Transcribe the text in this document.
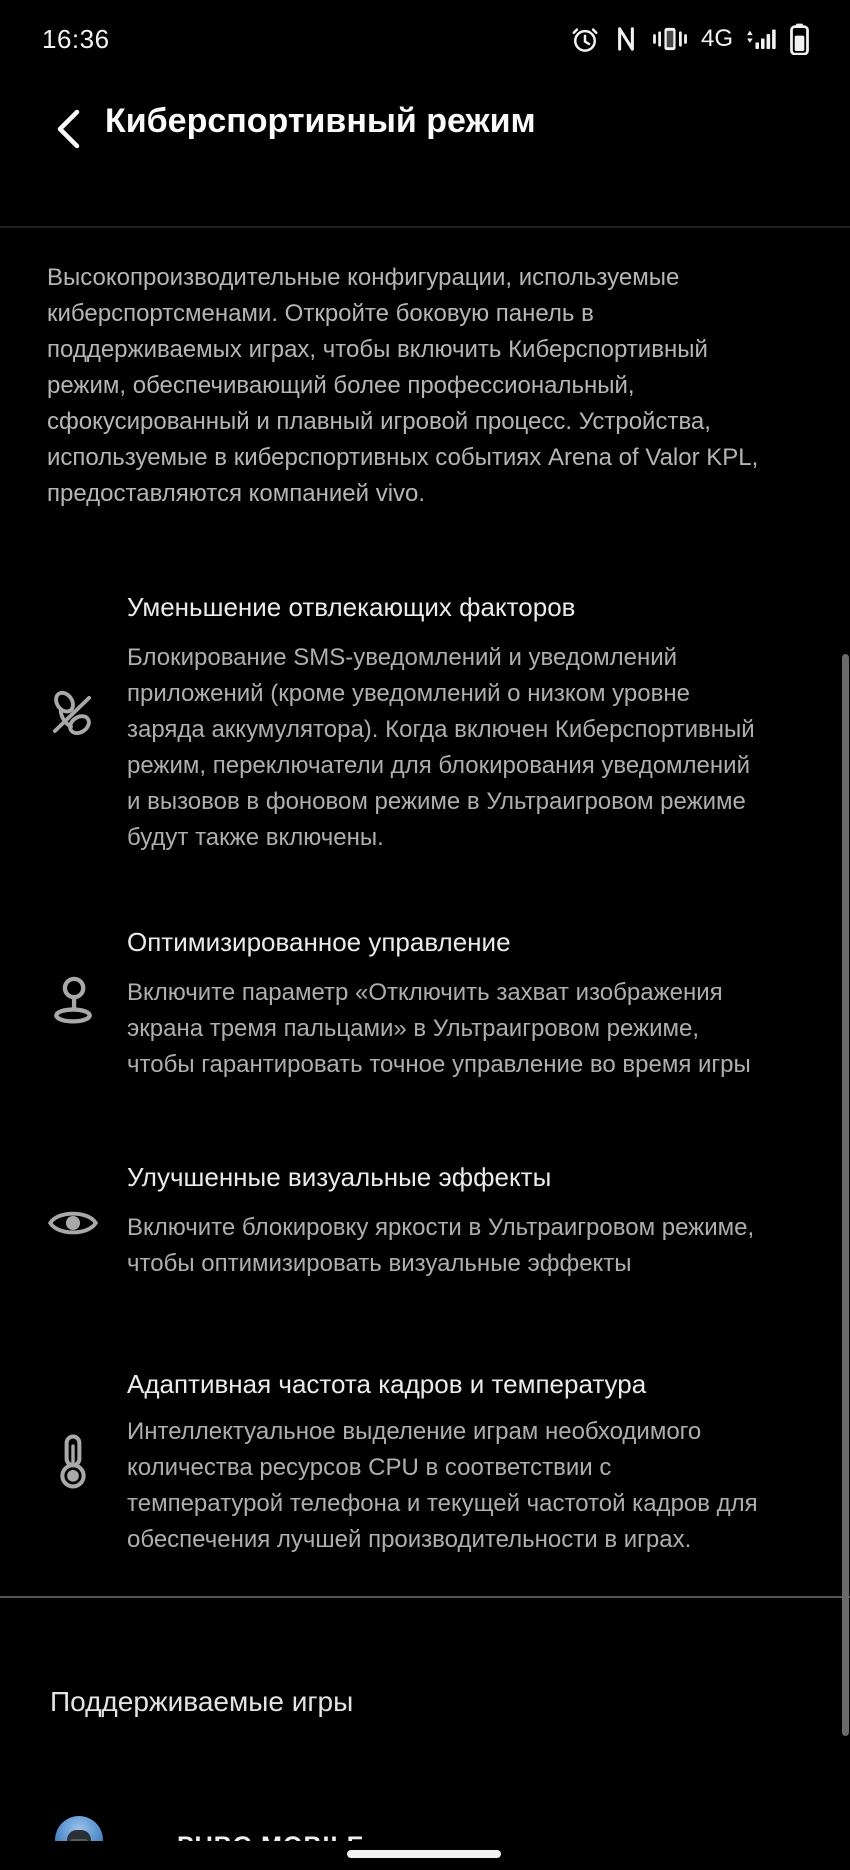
16:36	4G
Киберспортивный режим
Высокопроизводительные конфигурации, используемые киберспортсменами. Откройте боковую панель в поддерживаемых играх, чтобы включить Киберспортивный режим, обеспечивающий более профессиональный, сфокусированный и плавный игровой процесс. Устройства, используемые в киберспортивных событиях Arena of Valor KPL, предоставляются компанией vivo.
Уменьшение отвлекающих факторов
Блокирование SMS-уведомлений и уведомлений приложений (кроме уведомлений о низком уровне заряда аккумулятора). Когда включен Киберспортивный режим, переключатели для блокирования уведомлений и вызовов в фоновом режиме в Ультраигровом режиме будут также включены.
Оптимизированное управление
Включите параметр «Отключить захват изображения экрана тремя пальцами» в Ультраигровом режиме, чтобы гарантировать точное управление во время игры
Улучшенные визуальные эффекты
Включите блокировку яркости в Ультраигровом режиме, чтобы оптимизировать визуальные эффекты
Адаптивная частота кадров и температура
Интеллектуальное выделение играм необходимого количества ресурсов CPU в соответствии с температурой телефона и текущей частотой кадров для обеспечения лучшей производительности в играх.
Поддерживаемые игры
